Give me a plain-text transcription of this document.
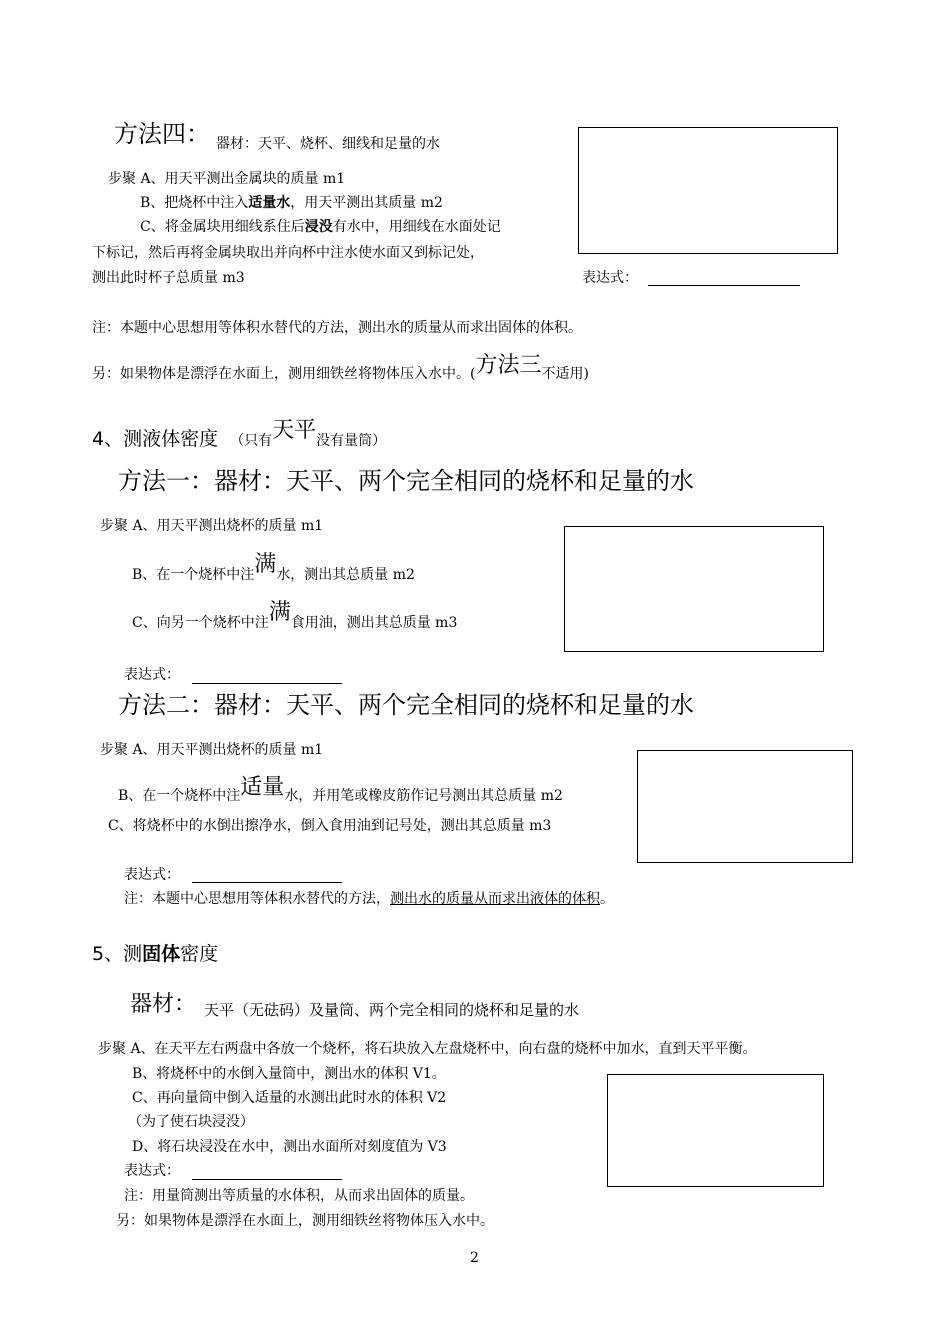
方法四： 器材：天平、烧杯、细线和足量的水
步聚 A、用天平测出金属块的质量 m1
B、把烧杯中注入适量水，用天平测出其质量 m2
C、将金属块用细线系住后浸没有水中，用细线在水面处记
下标记，然后再将金属块取出并向杯中注水使水面又到标记处，
测出此时杯子总质量 m3	表达式：
注：本题中心思想用等体积水替代的方法，测出水的质量从而求出固体的体积。
另：如果物体是漂浮在水面上，测用细铁丝将物体压入水中。(方法三不适用)
4、测液体密度 （只有天平没有量筒）
方法一：器材：天平、两个完全相同的烧杯和足量的水
步聚 A、用天平测出烧杯的质量 m1
B、在一个烧杯中注满水，测出其总质量 m2
C、向另一个烧杯中注满食用油，测出其总质量 m3
表达式：
方法二：器材：天平、两个完全相同的烧杯和足量的水
步聚 A、用天平测出烧杯的质量 m1
B、在一个烧杯中注适量水，并用笔或橡皮筋作记号测出其总质量 m2
C、将烧杯中的水倒出擦净水，倒入食用油到记号处，测出其总质量 m3
表达式：
注：本题中心思想用等体积水替代的方法，测出水的质量从而求出液体的体积。
5、测固体密度
器材： 天平（无砝码）及量筒、两个完全相同的烧杯和足量的水
步聚 A、在天平左右两盘中各放一个烧杯，将石块放入左盘烧杯中，向右盘的烧杯中加水，直到天平平衡。
B、将烧杯中的水倒入量筒中，测出水的体积 V1。
C、再向量筒中倒入适量的水测出此时水的体积 V2
（为了使石块浸没）
D、将石块浸没在水中，测出水面所对刻度值为 V3
表达式：
注：用量筒测出等质量的水体积，从而求出固体的质量。
另：如果物体是漂浮在水面上，测用细铁丝将物体压入水中。
2
